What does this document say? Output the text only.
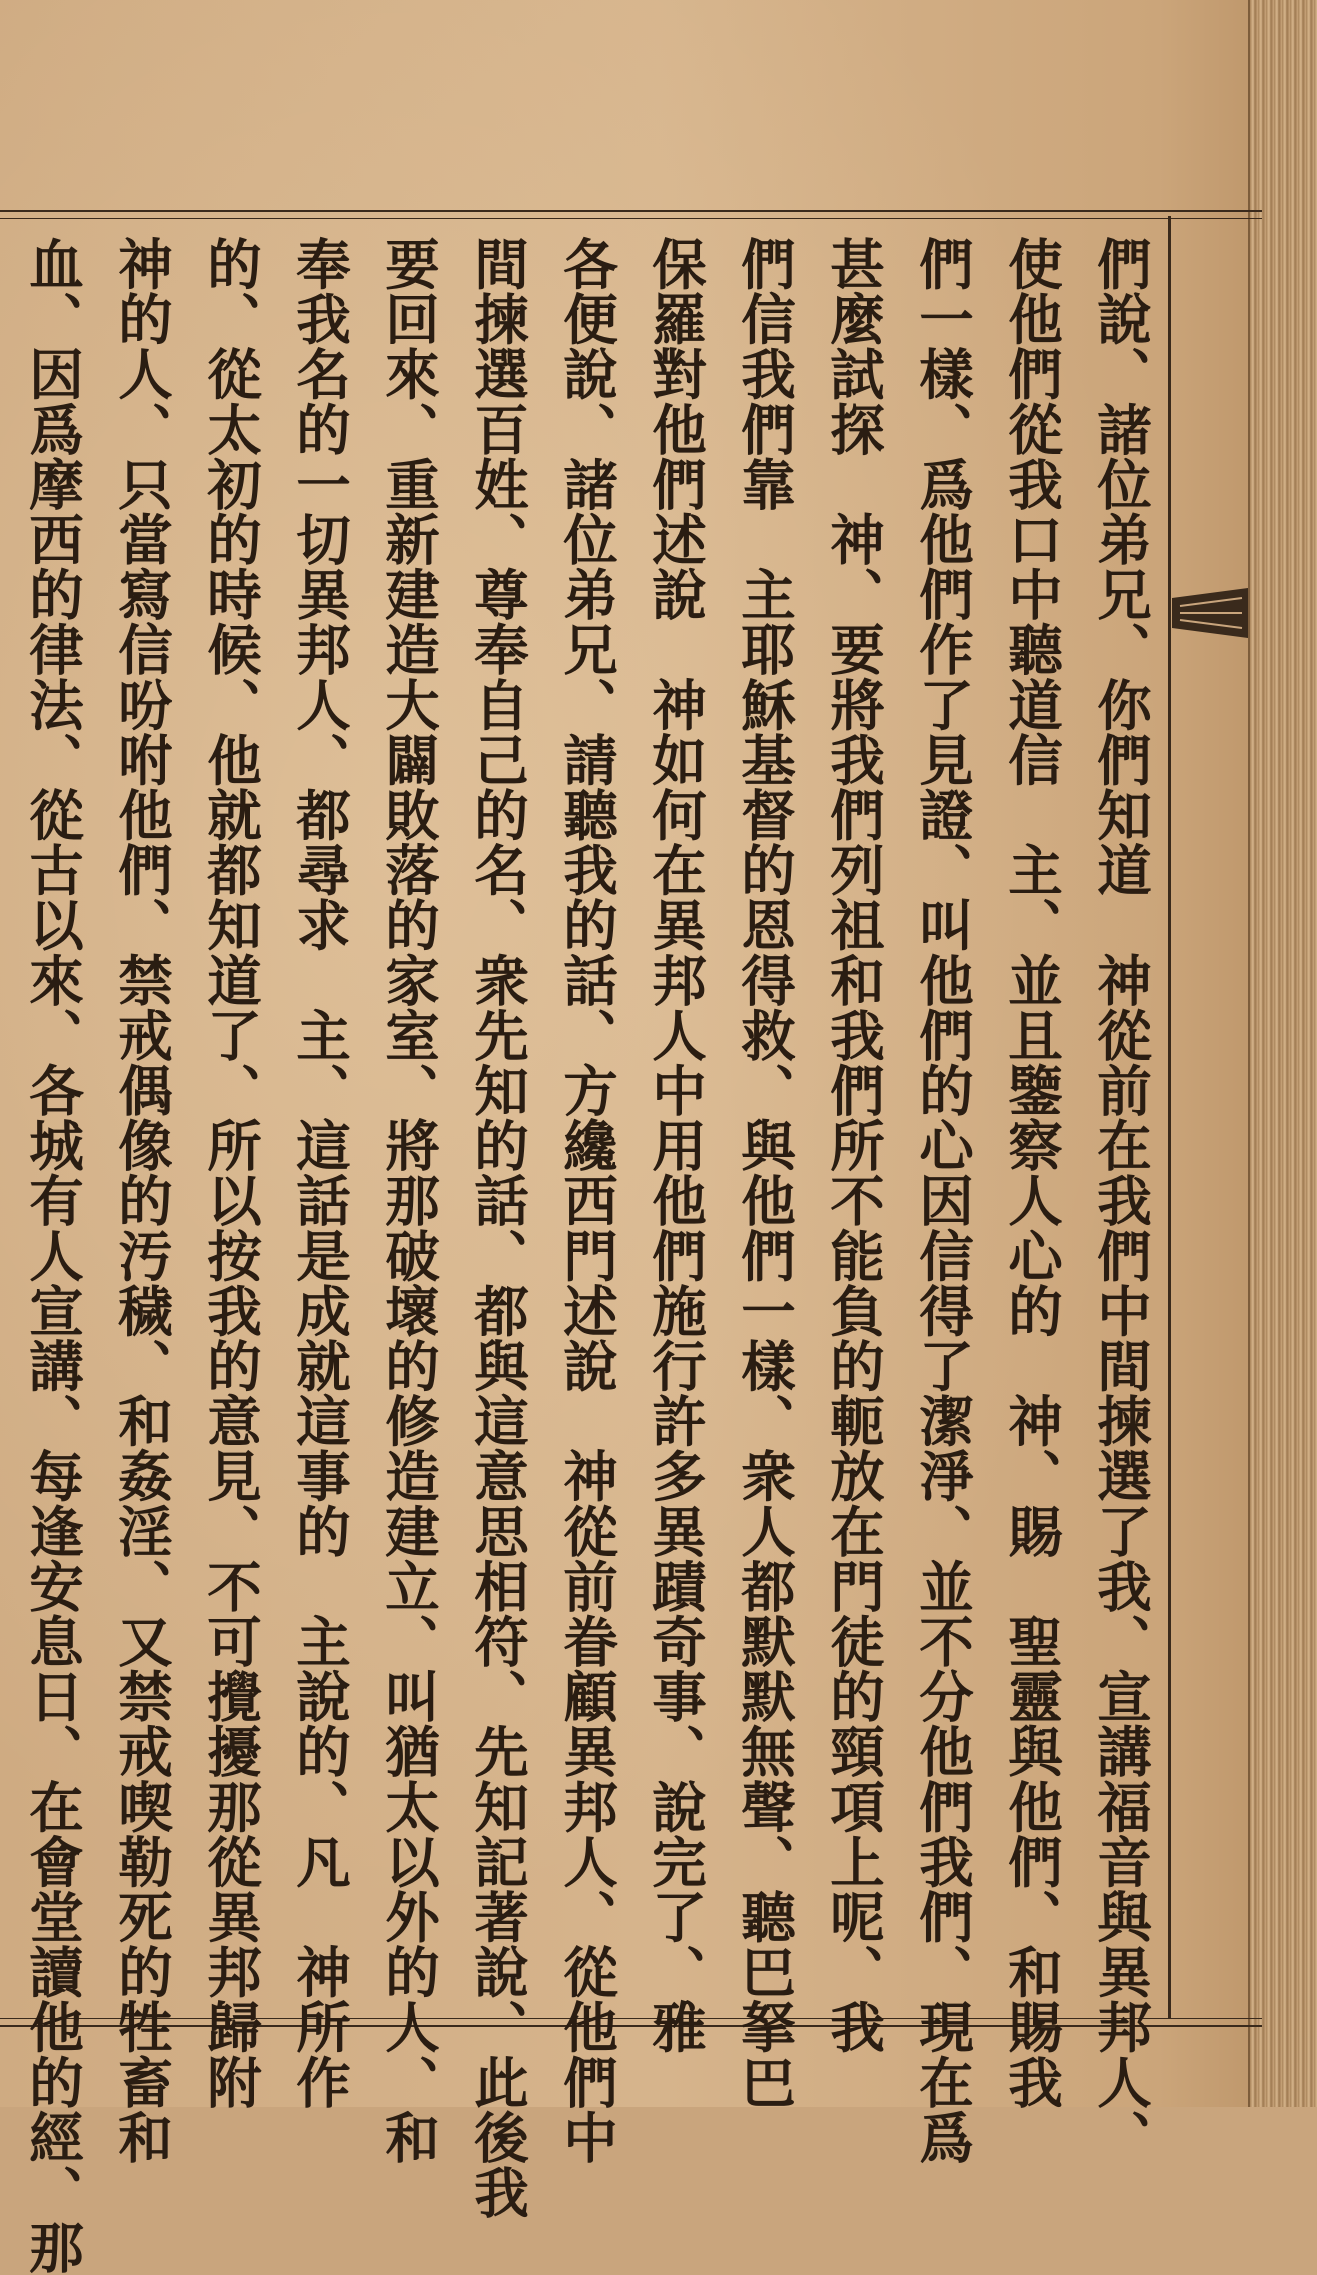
們說、諸位弟兄、你們知道　神從前在我們中間揀選了我、宣講福音與異邦人、

使他們從我口中聽道信　主、並且鑒察人心的　神、賜　聖靈與他們、和賜我

們一樣、爲他們作了見證、叫他們的心因信得了潔淨、並不分他們我們、現在爲

甚麼試探　神、要將我們列祖和我們所不能負的軛放在門徒的頸項上呢、我

們信我們靠　主耶穌基督的恩得救、與他們一樣、衆人都默默無聲、聽巴拏巴

保羅對他們述說　神如何在異邦人中用他們施行許多異蹟奇事、說完了、雅

各便說、諸位弟兄、請聽我的話、方纔西門述說　神從前眷顧異邦人、從他們中

間揀選百姓、尊奉自己的名、衆先知的話、都與這意思相符、先知記著說、此後我

要回來、重新建造大闢敗落的家室、將那破壞的修造建立、叫猶太以外的人、和

奉我名的一切異邦人、都尋求　主、這話是成就這事的　主說的、凡　神所作

的、從太初的時候、他就都知道了、所以按我的意見、不可攪擾那從異邦歸附

神的人、只當寫信吩咐他們、禁戒偶像的汚穢、和姦淫、又禁戒喫勒死的牲畜和

血、因爲摩西的律法、從古以來、各城有人宣講、每逢安息日、在會堂讀他的經、那
